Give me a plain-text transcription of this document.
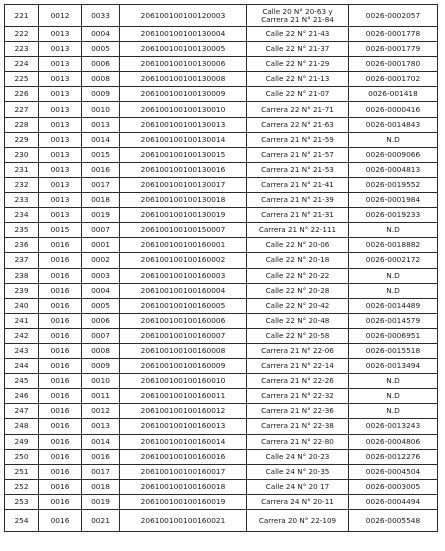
221	0012	0033	206100100100120003	Calle 20 N° 20-63 y Carrera 21 N° 21-84	0026-0002057
222	0013	0004	206100100100130004	Calle 22 N° 21-43	0026-0001778
223	0013	0005	206100100100130005	Calle 22 N° 21-37	0026-0001779
224	0013	0006	206100100100130006	Calle 22 N° 21-29	0026-0001780
225	0013	0008	206100100100130008	Calle 22 N° 21-13	0026-0001702
226	0013	0009	206100100100130009	Calle 22 N° 21-07	0026-001418
227	0013	0010	206100100100130010	Carrera 22 N° 21-71	0026-0000416
228	0013	0013	206100100100130013	Carrera 22 N° 21-63	0026-0014843
229	0013	0014	206100100100130014	Carrera 21 N° 21-59	N.D
230	0013	0015	206100100100130015	Carrera 21 N° 21-57	0026-0009066
231	0013	0016	206100100100130016	Carrera 21 N° 21-53	0026-0004813
232	0013	0017	206100100100130017	Carrera 21 N° 21-41	0026-0019552
233	0013	0018	206100100100130018	Carrera 21 N° 21-39	0026-0001984
234	0013	0019	206100100100130019	Carrera 21 N° 21-31	0026-0019233
235	0015	0007	206100100100150007	Carrera 21 N° 22-111	N.D
236	0016	0001	206100100100160001	Calle 22 N° 20-06	0026-0018882
237	0016	0002	206100100100160002	Calle 22 N° 20-18	0026-0002172
238	0016	0003	206100100100160003	Calle 22 N° 20-22	N.D
239	0016	0004	206100100100160004	Calle 22 N° 20-28	N.D
240	0016	0005	206100100100160005	Calle 22 N° 20-42	0026-0014489
241	0016	0006	206100100100160006	Calle 22 N° 20-48	0026-0014579
242	0016	0007	206100100100160007	Calle 22 N° 20-58	0026-0006951
243	0016	0008	206100100100160008	Carrera 21 N° 22-06	0026-0015518
244	0016	0009	206100100100160009	Carrera 21 N° 22-14	0026-0013494
245	0016	0010	206100100100160010	Carrera 21 N° 22-26	N.D
246	0016	0011	206100100100160011	Carrera 21 N° 22-32	N.D
247	0016	0012	206100100100160012	Carrera 21 N° 22-36	N.D
248	0016	0013	206100100100160013	Carrera 21 N° 22-38	0026-0013243
249	0016	0014	206100100100160014	Carrera 21 N° 22-80	0026-0004806
250	0016	0016	206100100100160016	Calle 24 N° 20-23	0026-0012276
251	0016	0017	206100100100160017	Calle 24 N° 20-35	0026-0004504
252	0016	0018	206100100100160018	Calle 24 N° 20 17	0026-0003005
253	0016	0019	206100100100160019	Carrera 24 N° 20-11	0026-0004494
254	0016	0021	206100100100160021	Carrera 20 N° 22-109	0026-0005548
